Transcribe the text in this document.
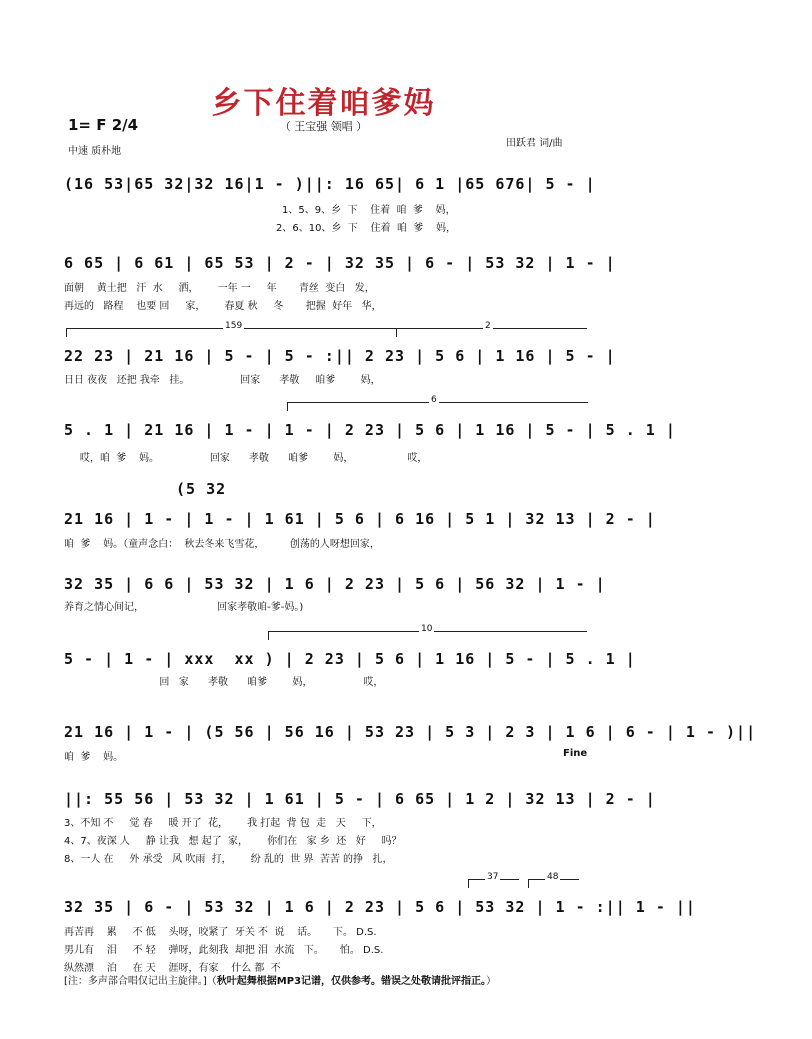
乡下住着咱爹妈
（ 王宝强 领唱 ）
1= F 2/4
中速 质朴地
田跃君 词/曲
(16 53|65 32|32 16|1 - )||: 16 65| 6 1 |65 676| 5 - |
1、5、9、乡  下    住着  咱  爹    妈，
2、6、10、乡  下    住着  咱  爹    妈，
6 65 | 6 61 | 65 53 | 2 - | 32 35 | 6 - | 53 32 | 1 - |
面朝    黄土把   汗  水     洒，      一年 一     年       青丝  变白   发，
再远的   路程    也要 回     家，      春夏 秋     冬       把握  好年   华，
22 23 | 21 16 | 5 - | 5 - :|| 2 23 | 5 6 | 1 16 | 5 - |
日日 夜夜   还把 我牵   挂。                回家      孝敬     咱爹        妈，
5 . 1 | 21 16 | 1 - | 1 - | 2 23 | 5 6 | 1 16 | 5 - | 5 . 1 |
哎，咱  爹    妈。                回家      孝敬      咱爹        妈，                 哎，
(5 32
21 16 | 1 - | 1 - | 1 61 | 5 6 | 6 16 | 5 1 | 32 13 | 2 - |
咱  爹    妈。（童声念白：  秋去冬来飞雪花，        创荡的人呀想回家，
32 35 | 6 6 | 53 32 | 1 6 | 2 23 | 5 6 | 56 32 | 1 - |
养育之情心间记，                       回家孝敬咱-爹-妈。)
5 - | 1 - | xxx  xx ) | 2 23 | 5 6 | 1 16 | 5 - | 5 . 1 |
回   家      孝敬      咱爹        妈，                哎，
21 16 | 1 - | (5 56 | 56 16 | 53 23 | 5 3 | 2 3 | 1 6 | 6 - | 1 - )||
咱  爹    妈。
||: 55 56 | 53 32 | 1 61 | 5 - | 6 65 | 1 2 | 32 13 | 2 - |
3、不知 不     觉 春     暖 开了  花，      我 打起  背 包  走   天     下，
4、7、夜深 人     静 让我   想 起了  家，      你们在   家 乡  还   好     吗？
8、一人 在     外 承受   风 吹雨  打，      纷 乱的  世 界  苦苦 的挣   扎，
32 35 | 6 - | 53 32 | 1 6 | 2 23 | 5 6 | 53 32 | 1 - :|| 1 - ||
再苦再    累     不 低    头呀，咬紧了  牙关 不  说    话。     下。 D.S.
男儿有    泪     不 轻    弹呀，此刻我  却把 泪  水流   下。     怕。 D.S.
纵然漂    泊     在 天    涯呀，有家    什么 都  不
159	2
6
10
37	48
Fine
[注：多声部合唱仅记出主旋律。]（秋叶起舞根据MP3记谱，仅供参考。错误之处敬请批评指正。）
